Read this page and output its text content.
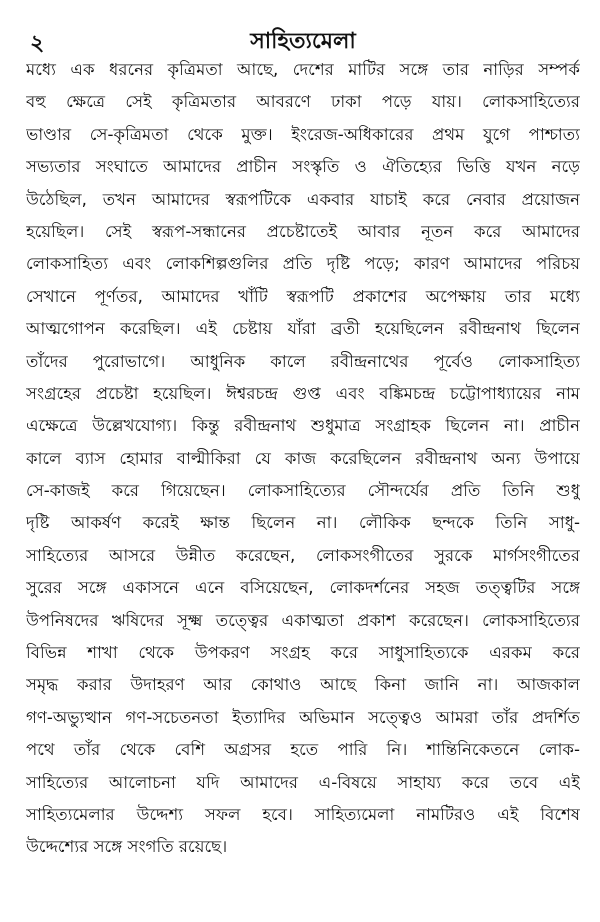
২	সাহিত্যমেলা
মধ্যে এক ধরনের কৃত্রিমতা আছে, দেশের মাটির সঙ্গে তার নাড়ির সম্পর্ক
বহু ক্ষেত্রে সেই কৃত্রিমতার আবরণে ঢাকা পড়ে যায়। লোকসাহিত্যের
ভাণ্ডার সে-কৃত্রিমতা থেকে মুক্ত। ইংরেজ-অধিকারের প্রথম যুগে পাশ্চাত্য
সভ্যতার সংঘাতে আমাদের প্রাচীন সংস্কৃতি ও ঐতিহ্যের ভিত্তি যখন নড়ে
উঠেছিল, তখন আমাদের স্বরূপটিকে একবার যাচাই করে নেবার প্রয়োজন
হয়েছিল। সেই স্বরূপ-সন্ধানের প্রচেষ্টাতেই আবার নূতন করে আমাদের
লোকসাহিত্য এবং লোকশিল্পগুলির প্রতি দৃষ্টি পড়ে; কারণ আমাদের পরিচয়
সেখানে পূর্ণতর, আমাদের খাঁটি স্বরূপটি প্রকাশের অপেক্ষায় তার মধ্যে
আত্মগোপন করেছিল। এই চেষ্টায় যাঁরা ব্রতী হয়েছিলেন রবীন্দ্রনাথ ছিলেন
তাঁদের পুরোভাগে। আধুনিক কালে রবীন্দ্রনাথের পূর্বেও লোকসাহিত্য
সংগ্রহের প্রচেষ্টা হয়েছিল। ঈশ্বরচন্দ্র গুপ্ত এবং বঙ্কিমচন্দ্র চট্টোপাধ্যায়ের নাম
এক্ষেত্রে উল্লেখযোগ্য। কিন্তু রবীন্দ্রনাথ শুধুমাত্র সংগ্রাহক ছিলেন না। প্রাচীন
কালে ব্যাস হোমার বাল্মীকিরা যে কাজ করেছিলেন রবীন্দ্রনাথ অন্য উপায়ে
সে-কাজই করে গিয়েছেন। লোকসাহিত্যের সৌন্দর্যের প্রতি তিনি শুধু
দৃষ্টি আকর্ষণ করেই ক্ষান্ত ছিলেন না। লৌকিক ছন্দকে তিনি সাধু-
সাহিত্যের আসরে উন্নীত করেছেন, লোকসংগীতের সুরকে মার্গসংগীতের
সুরের সঙ্গে একাসনে এনে বসিয়েছেন, লোকদর্শনের সহজ তত্ত্বটির সঙ্গে
উপনিষদের ঋষিদের সূক্ষ্ম তত্ত্বের একাত্মতা প্রকাশ করেছেন। লোকসাহিত্যের
বিভিন্ন শাখা থেকে উপকরণ সংগ্রহ করে সাধুসাহিত্যকে এরকম করে
সমৃদ্ধ করার উদাহরণ আর কোথাও আছে কিনা জানি না। আজকাল
গণ-অভ্যুত্থান গণ-সচেতনতা ইত্যাদির অভিমান সত্ত্বেও আমরা তাঁর প্রদর্শিত
পথে তাঁর থেকে বেশি অগ্রসর হতে পারি নি। শান্তিনিকেতনে লোক-
সাহিত্যের আলোচনা যদি আমাদের এ-বিষয়ে সাহায্য করে তবে এই
সাহিত্যমেলার উদ্দেশ্য সফল হবে। সাহিত্যমেলা নামটিরও এই বিশেষ
উদ্দেশ্যের সঙ্গে সংগতি রয়েছে।
